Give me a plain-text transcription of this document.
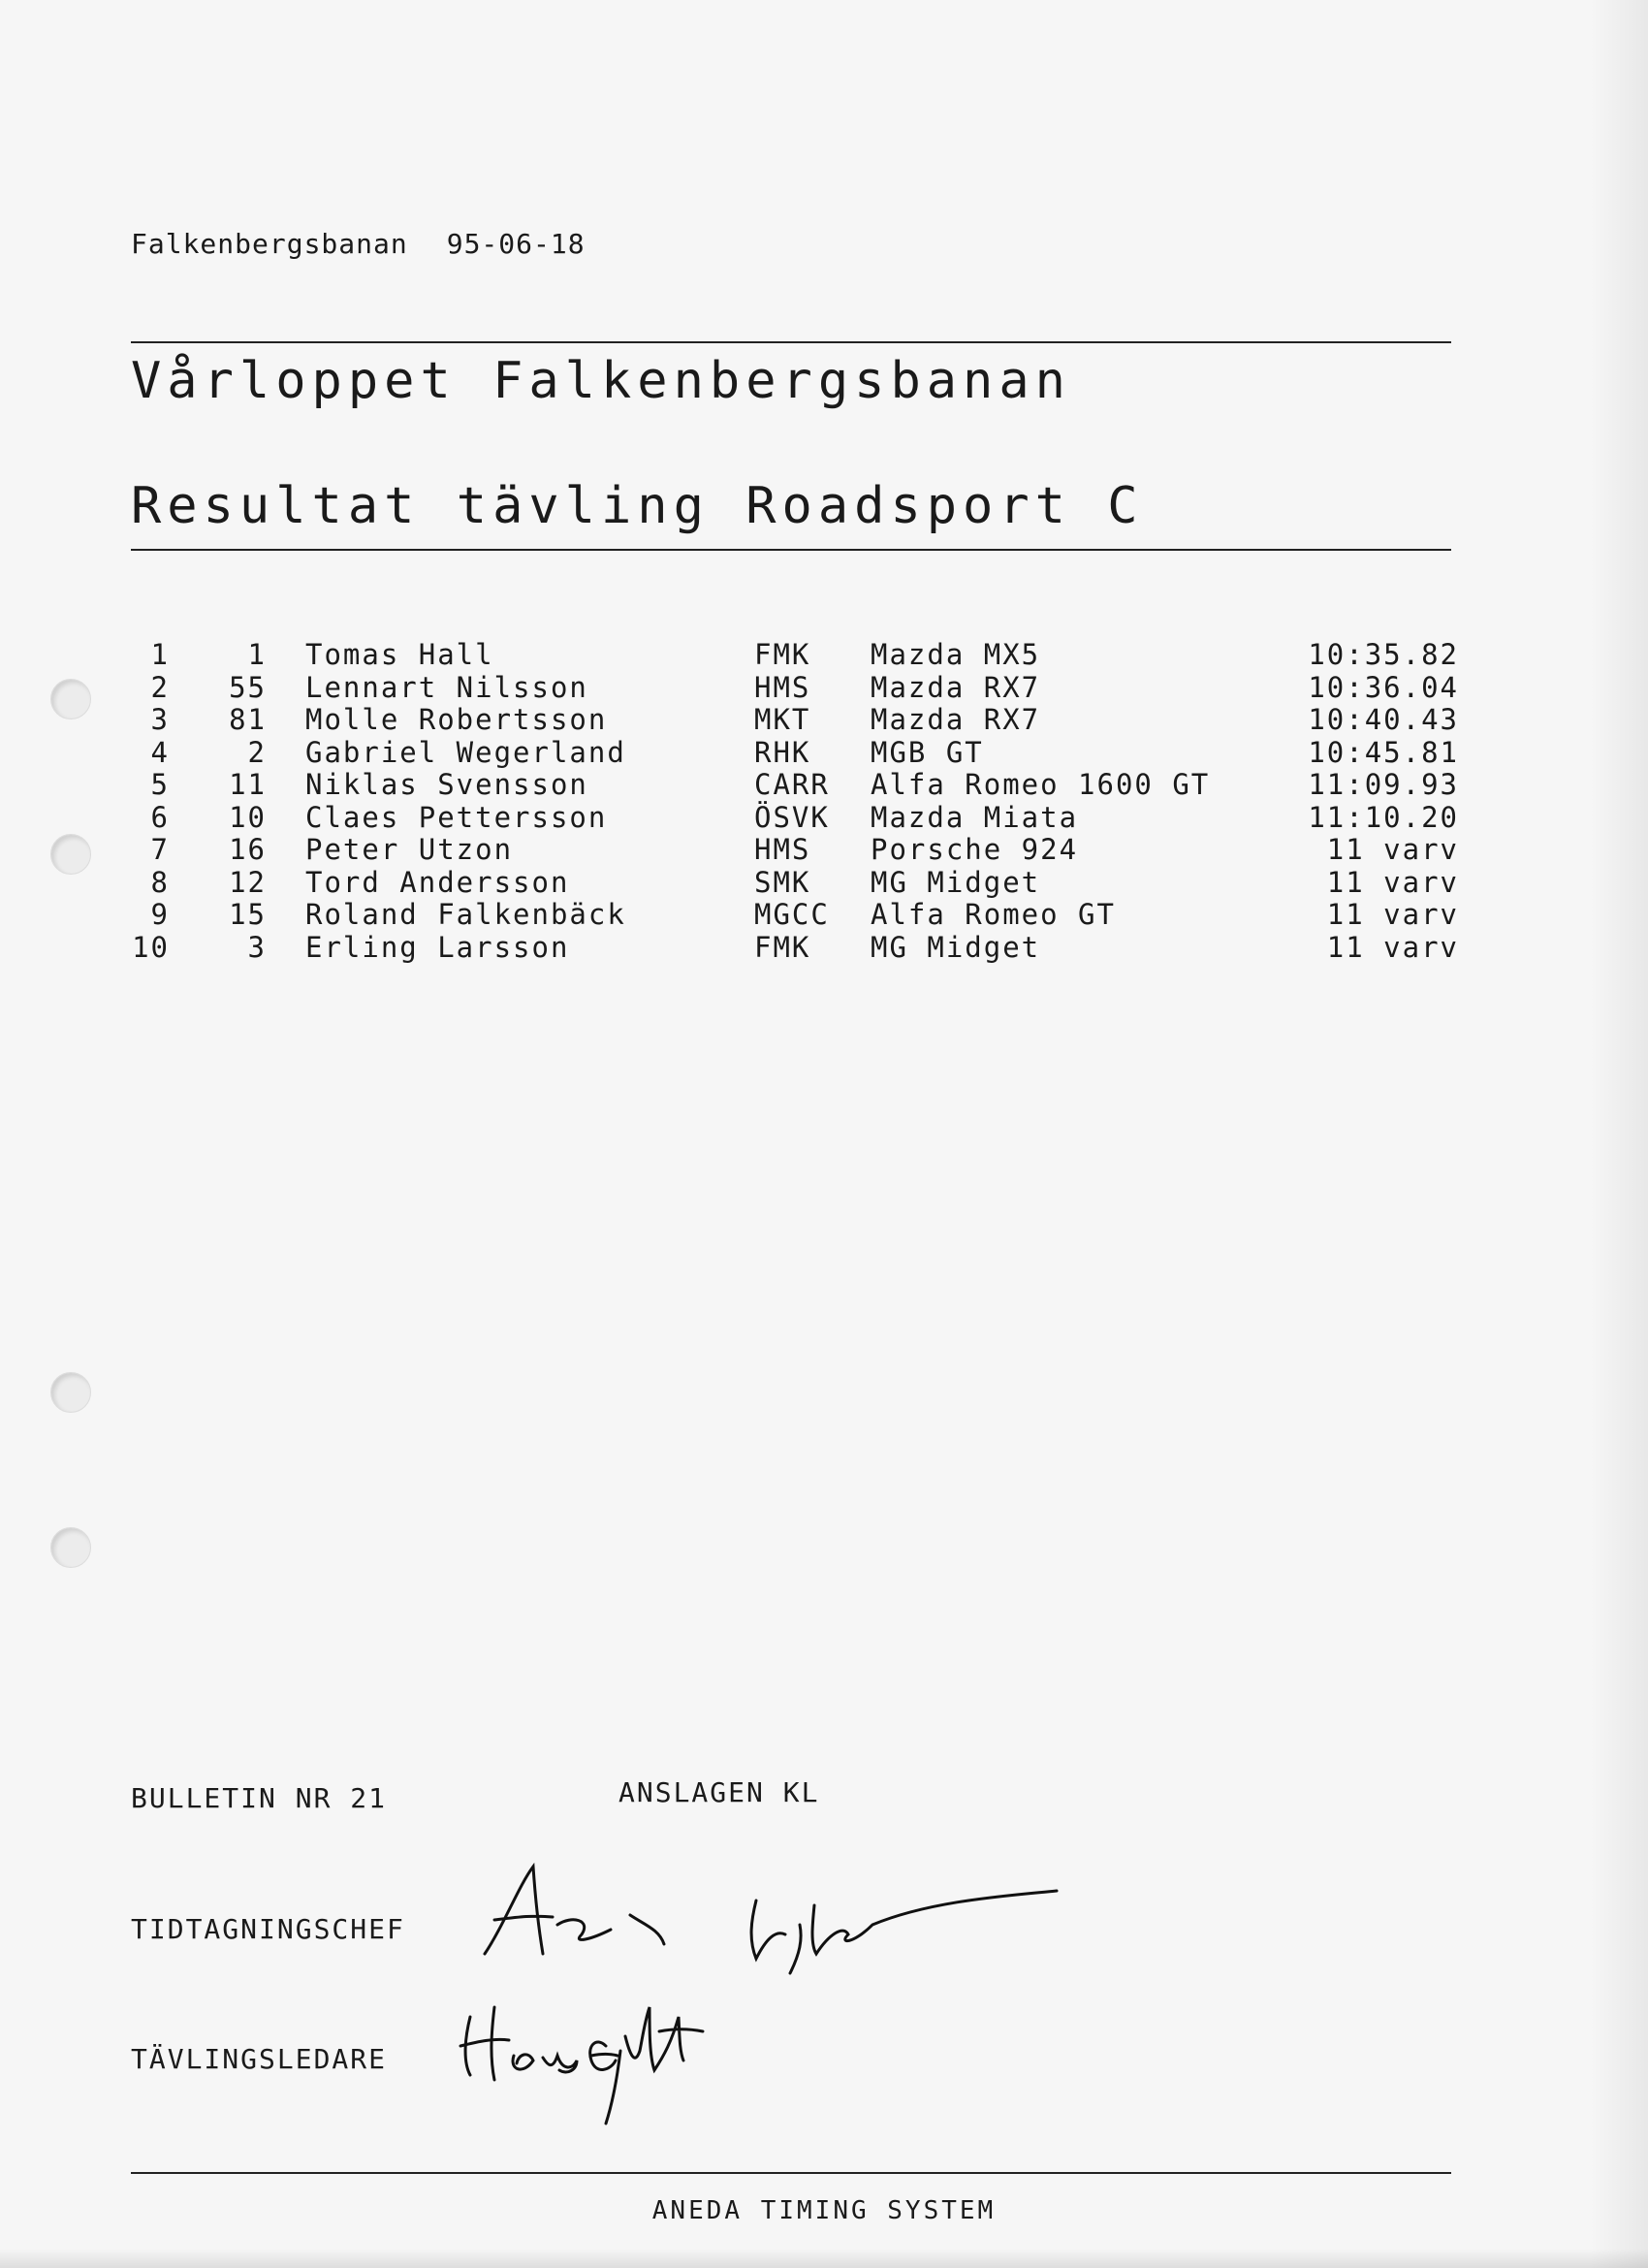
Falkenbergsbanan 95-06-18
Vårloppet Falkenbergsbanan
Resultat tävling Roadsport C
1	1 Tomas Hall	FMK Mazda MX5	10:35.82
2	55 Lennart Nilsson	HMS Mazda RX7	10:36.04
3	81 Molle Robertsson	MKT Mazda RX7	10:40.43
4	2 Gabriel Wegerland	RHK MGB GT	10:45.81
5	11 Niklas Svensson	CARR Alfa Romeo 1600 GT	11:09.93
6	10 Claes Pettersson	ÖSVK Mazda Miata	11:10.20
7	16 Peter Utzon	HMS Porsche 924	11 varv
8	12 Tord Andersson	SMK MG Midget	11 varv
9	15 Roland Falkenbäck	MGCC Alfa Romeo GT	11 varv
10	3 Erling Larsson	FMK MG Midget	11 varv
BULLETIN NR 21	ANSLAGEN KL
TIDTAGNINGSCHEF
TÄVLINGSLEDARE
ANEDA TIMING SYSTEM
